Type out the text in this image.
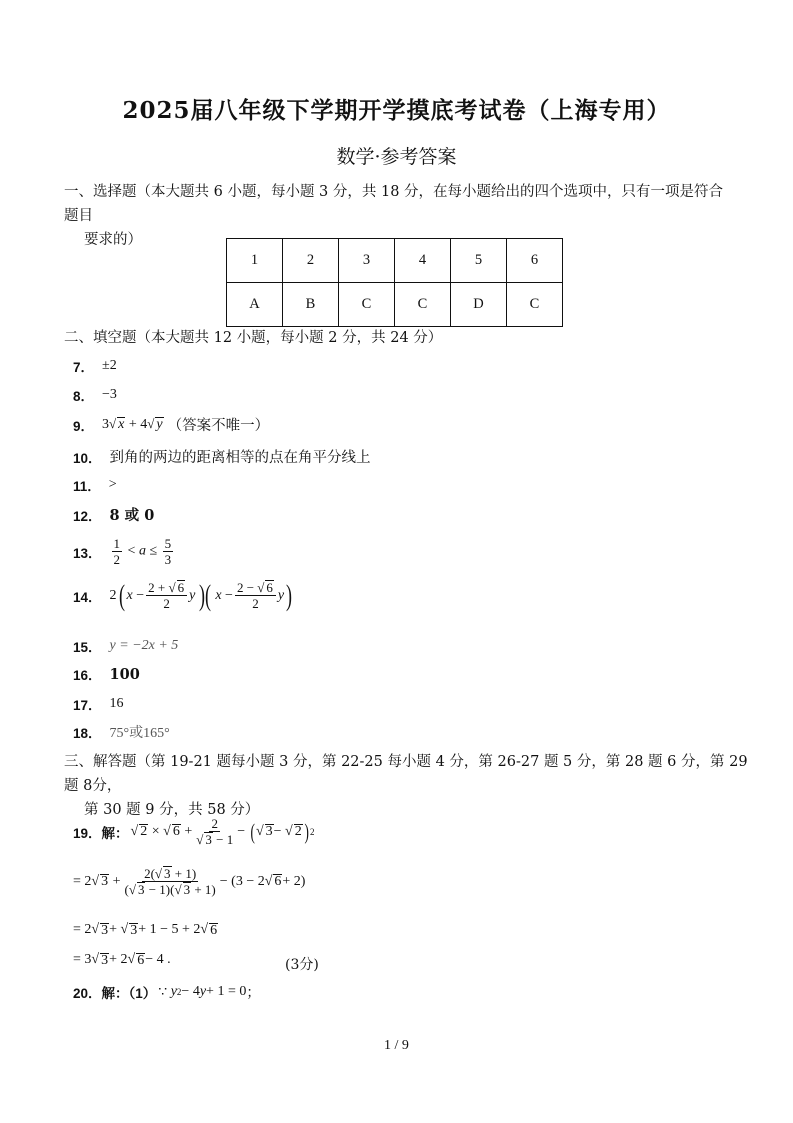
2025届八年级下学期开学摸底考试卷（上海专用）
数学·参考答案
一、选择题（本大题共 6 小题，每小题 3 分，共 18 分，在每小题给出的四个选项中，只有一项是符合题目
要求的）
1	2	3	4	5	6
A	B	C	C	D	C
二、填空题（本大题共 12 小题，每小题 2 分，共 24 分）
7． ±2
8． −3
9． 3√ x + 4√ y （答案不唯一）
10． 到角的两边的距离相等的点在角平分线上
11． >
12． 8 或 0
13． $\frac{1}{2} < a \le \frac{5}{3}$
14． 2 ( $x - \frac{2 + √ 6}{2}$ y )( $x - \frac{2 - √ 6}{2}$ y )
15． y = −2x + 5
16． 100
17． 16
18． 75°或165°
三、解答题（第 19-21 题每小题 3 分，第 22-25 每小题 4 分，第 26-27 题 5 分，第 28 题 6 分，第 29 题 8分，
第 30 题 9 分，共 58 分）
19．解： √ 2 × √ $6 + \frac{2}{√ 3 - 1}$ − ( √ 3 − √ 2 ) 2
= 2√ $3 + \frac{2(√ 3 + 1)}{(√ 3 - 1)(√ 3 + 1)} - (3 - 2√$ 6 + 2)
= 2√ 3 + √ 3 + 1 − 5 + 2√ 6
= 3√ 3 + 2√ 6 − 4 .	(3分)
20．解：（1） ∵ y 2 − 4 y + 1 = 0 ；
1 / 9
